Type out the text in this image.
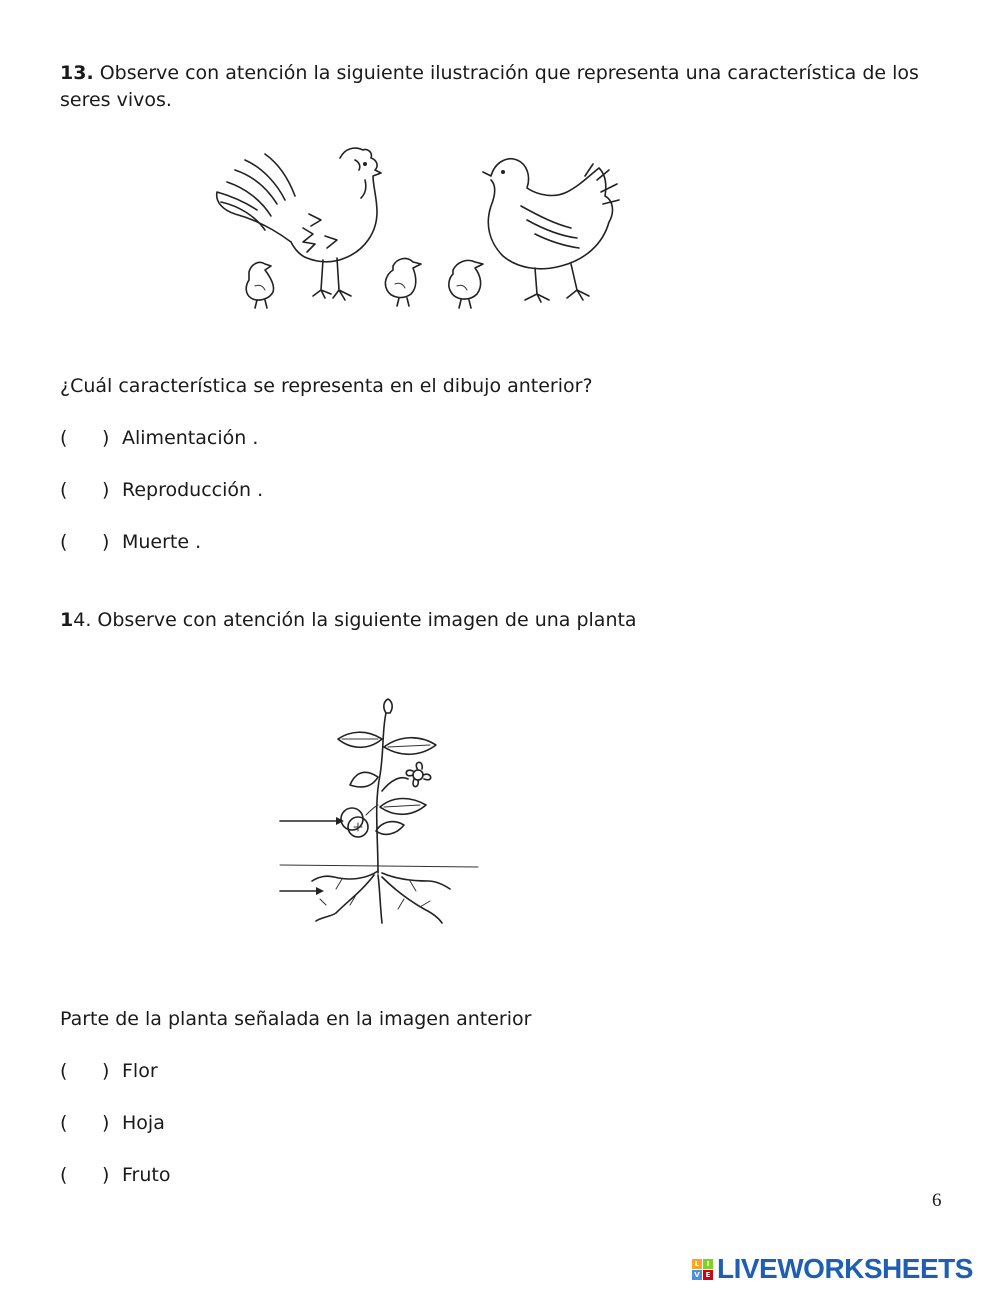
13. Observe con atención la siguiente ilustración que representa una característica de los seres vivos.
¿Cuál característica se representa en el dibujo anterior?
( ) Alimentación .
( ) Reproducción .
( ) Muerte .
14. Observe con atención la siguiente imagen de una planta
Parte de la planta señalada en la imagen anterior
( ) Flor
( ) Hoja
( ) Fruto
6
L	I
V E LIVEWORKSHEETS
